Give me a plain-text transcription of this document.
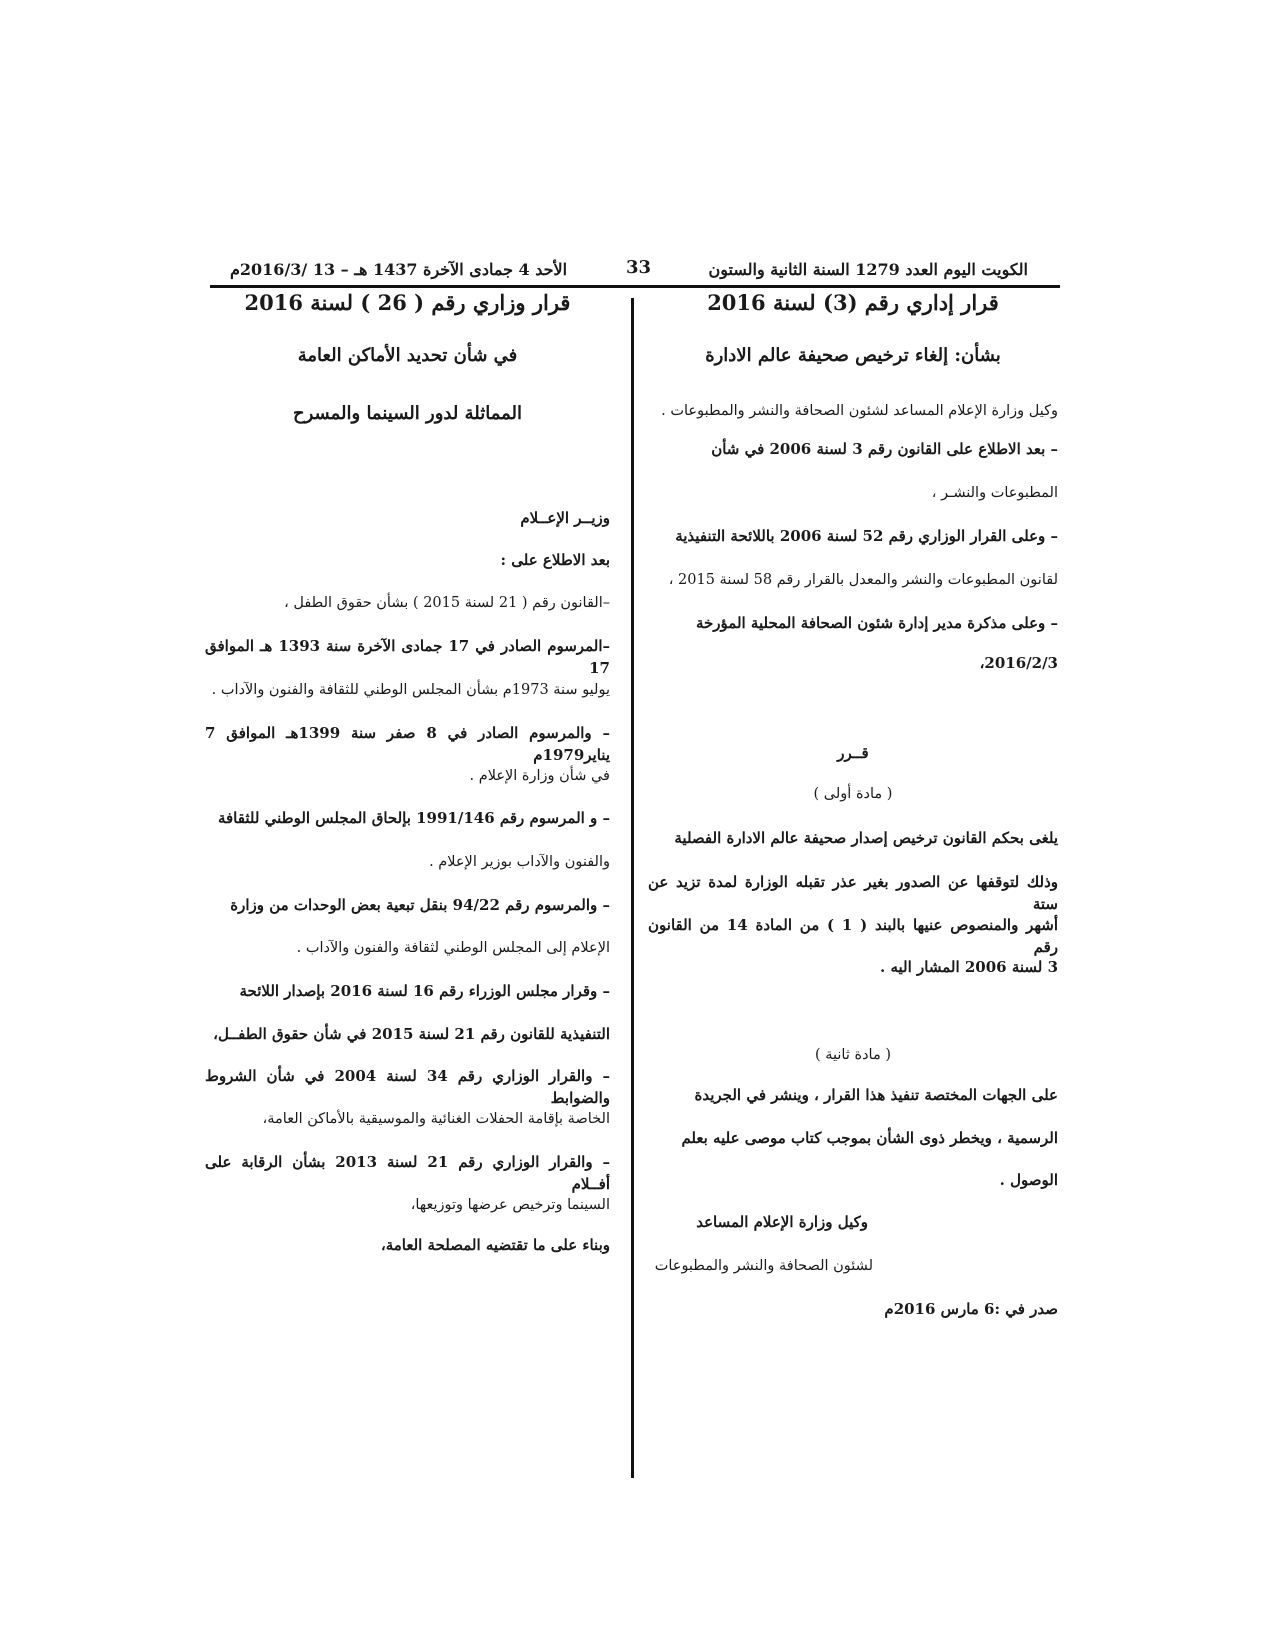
الأحد 4 جمادى الآخرة 1437 هـ – 13 /2016/3م	33	الكويت اليوم العدد 1279 السنة الثانية والستون
قرار إداري رقم (3) لسنة 2016
بشأن: إلغاء ترخيص صحيفة عالم الادارة
وكيل وزارة الإعلام المساعد لشئون الصحافة والنشر والمطبوعات .
– بعد الاطلاع على القانون رقم 3 لسنة 2006 في شأن
المطبوعات والنشـر ،
– وعلى القرار الوزاري رقم 52 لسنة 2006 باللائحة التنفيذية
لقانون المطبوعات والنشر والمعدل بالقرار رقم 58 لسنة 2015 ،
– وعلى مذكرة مدير إدارة شئون الصحافة المحلية المؤرخة
2016/2/3،
قــرر
( مادة أولى )
يلغى بحكم القانون ترخيص إصدار صحيفة عالم الادارة الفصلية
وذلك لتوقفها عن الصدور بغير عذر تقبله الوزارة لمدة تزيد عن ستة
أشهر والمنصوص عنيها بالبند ( 1 ) من المادة 14 من القانون رقم
3 لسنة 2006 المشار اليه .
( مادة ثانية )
على الجهات المختصة تنفيذ هذا القرار ، وينشر في الجريدة
الرسمية ، ويخطر ذوى الشأن بموجب كتاب موصى عليه بعلم
الوصول .
وكيل وزارة الإعلام المساعد
لشئون الصحافة والنشر والمطبوعات
صدر في :6 مارس 2016م
قرار وزاري رقم ( 26 ) لسنة 2016
في شأن تحديد الأماكن العامة
المماثلة لدور السينما والمسرح
وزيــر الإعــلام
بعد الاطلاع على :
–القانون رقم ( 21 لسنة 2015 ) بشأن حقوق الطفل ،
–المرسوم الصادر في 17 جمادى الآخرة سنة 1393 هـ الموافق 17
يوليو سنة 1973م بشأن المجلس الوطني للثقافة والفنون والآداب .
– والمرسوم الصادر في 8 صفر سنة 1399هـ الموافق 7 يناير1979م
في شأن وزارة الإعلام .
– و المرسوم رقم 1991/146 بإلحاق المجلس الوطني للثقافة
والفنون والآداب بوزير الإعلام .
– والمرسوم رقم 94/22 بنقل تبعية بعض الوحدات من وزارة
الإعلام إلى المجلس الوطني لثقافة والفنون والآداب .
– وقرار مجلس الوزراء رقم 16 لسنة 2016 بإصدار اللائحة
التنفيذية للقانون رقم 21 لسنة 2015 في شأن حقوق الطفــل،
– والقرار الوزاري رقم 34 لسنة 2004 في شأن الشروط والضوابط
الخاصة بإقامة الحفلات الغنائية والموسيقية بالأماكن العامة،
– والقرار الوزاري رقم 21 لسنة 2013 بشأن الرقابة على أفــلام
السينما وترخيص عرضها وتوزيعها،
وبناء على ما تقتضيه المصلحة العامة،
